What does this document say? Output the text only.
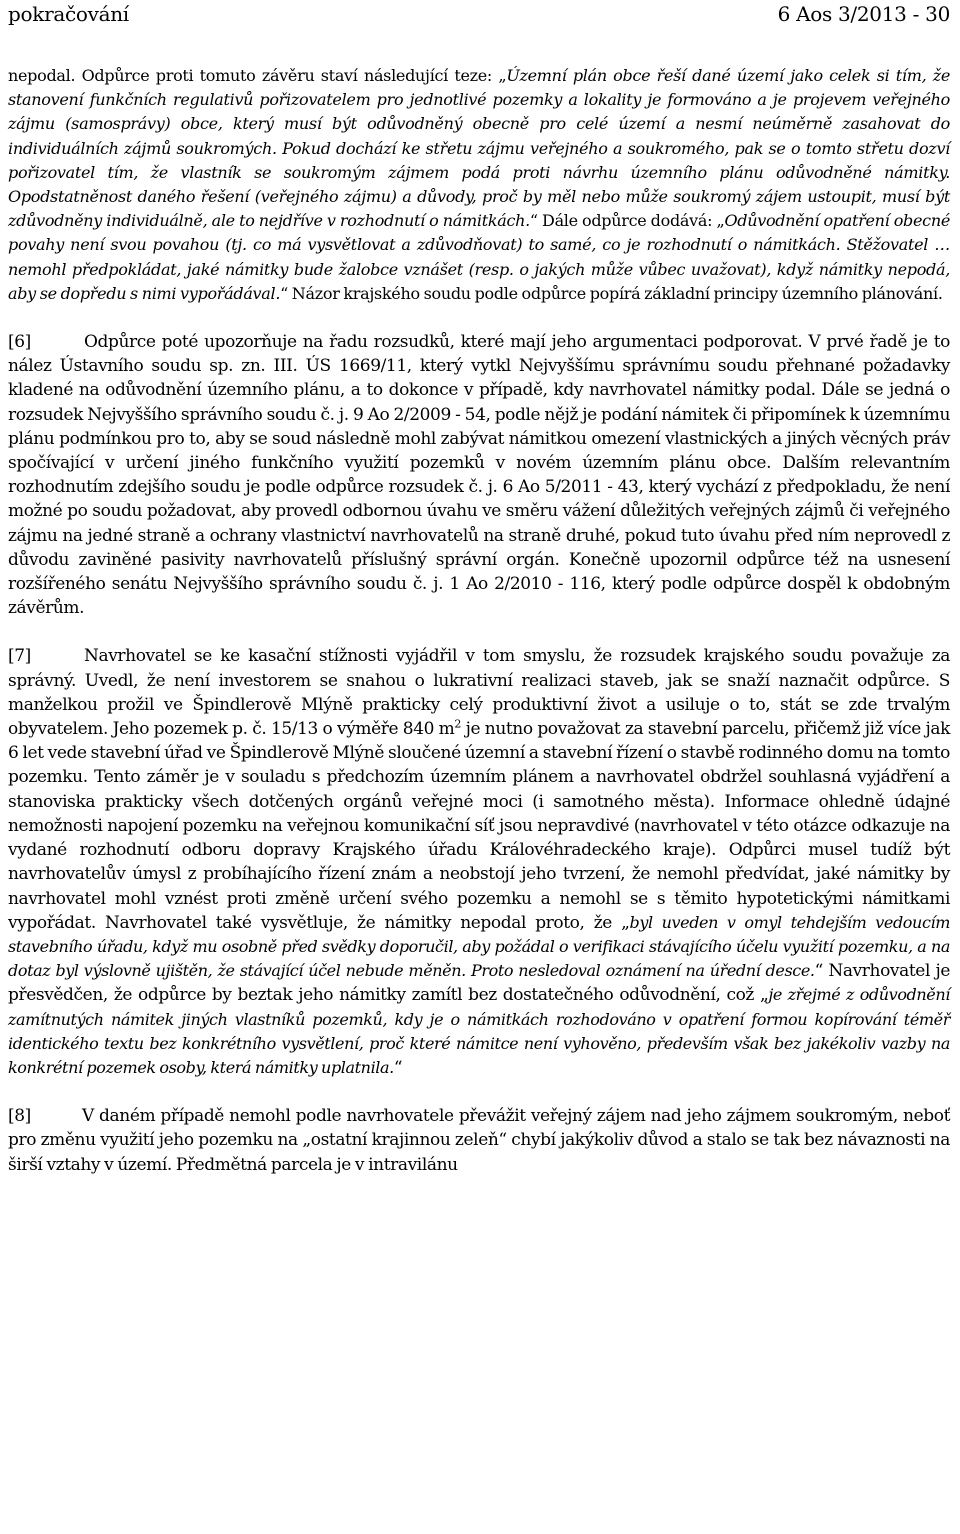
pokračování	6 Aos 3/2013 - 30

nepodal. Odpůrce proti tomuto závěru staví následující teze: „Územní plán obce řeší dané území jako celek si tím, že stanovení funkčních regulativů pořizovatelem pro jednotlivé pozemky a lokality je formováno a je projevem veřejného zájmu (samosprávy) obce, který musí být odůvodněný obecně pro celé území a nesmí neúměrně zasahovat do individuálních zájmů soukromých. Pokud dochází ke střetu zájmu veřejného a soukromého, pak se o tomto střetu dozví pořizovatel tím, že vlastník se soukromým zájmem podá proti návrhu územního plánu odůvodněné námitky. Opodstatněnost daného řešení (veřejného zájmu) a důvody, proč by měl nebo může soukromý zájem ustoupit, musí být zdůvodněny individuálně, ale to nejdříve v rozhodnutí o námitkách.“ Dále odpůrce dodává: „Odůvodnění opatření obecné povahy není svou povahou (tj. co má vysvětlovat a zdůvodňovat) to samé, co je rozhodnutí o námitkách. Stěžovatel … nemohl předpokládat, jaké námitky bude žalobce vznášet (resp. o jakých může vůbec uvažovat), když námitky nepodá, aby se dopředu s nimi vypořádával.“ Názor krajského soudu podle odpůrce popírá základní principy územního plánování.

[6]	Odpůrce poté upozorňuje na řadu rozsudků, které mají jeho argumentaci podporovat. V prvé řadě je to nález Ústavního soudu sp. zn. III. ÚS 1669/11, který vytkl Nejvyššímu správnímu soudu přehnané požadavky kladené na odůvodnění územního plánu, a to dokonce v případě, kdy navrhovatel námitky podal. Dále se jedná o rozsudek Nejvyššího správního soudu č. j. 9 Ao 2/2009 - 54, podle nějž je podání námitek či připomínek k územnímu plánu podmínkou pro to, aby se soud následně mohl zabývat námitkou omezení vlastnických a jiných věcných práv spočívající v určení jiného funkčního využití pozemků v novém územním plánu obce. Dalším relevantním rozhodnutím zdejšího soudu je podle odpůrce rozsudek č. j. 6 Ao 5/2011 - 43, který vychází z předpokladu, že není možné po soudu požadovat, aby provedl odbornou úvahu ve směru vážení důležitých veřejných zájmů či veřejného zájmu na jedné straně a ochrany vlastnictví navrhovatelů na straně druhé, pokud tuto úvahu před ním neprovedl z důvodu zaviněné pasivity navrhovatelů příslušný správní orgán. Konečně upozornil odpůrce též na usnesení rozšířeného senátu Nejvyššího správního soudu č. j. 1 Ao 2/2010 - 116, který podle odpůrce dospěl k obdobným závěrům.

[7]	Navrhovatel se ke kasační stížnosti vyjádřil v tom smyslu, že rozsudek krajského soudu považuje za správný. Uvedl, že není investorem se snahou o lukrativní realizaci staveb, jak se snaží naznačit odpůrce. S manželkou prožil ve Špindlerově Mlýně prakticky celý produktivní život a usiluje o to, stát se zde trvalým obyvatelem. Jeho pozemek p. č. 15/13 o výměře 840 $m^2$ je nutno považovat za stavební parcelu, přičemž již více jak 6 let vede stavební úřad ve Špindlerově Mlýně sloučené územní a stavební řízení o stavbě rodinného domu na tomto pozemku. Tento záměr je v souladu s předchozím územním plánem a navrhovatel obdržel souhlasná vyjádření a stanoviska prakticky všech dotčených orgánů veřejné moci (i samotného města). Informace ohledně údajné nemožnosti napojení pozemku na veřejnou komunikační síť jsou nepravdivé (navrhovatel v této otázce odkazuje na vydané rozhodnutí odboru dopravy Krajského úřadu Královéhradeckého kraje). Odpůrci musel tudíž být navrhovatelův úmysl z probíhajícího řízení znám a neobstojí jeho tvrzení, že nemohl předvídat, jaké námitky by navrhovatel mohl vznést proti změně určení svého pozemku a nemohl se s těmito hypotetickými námitkami vypořádat. Navrhovatel také vysvětluje, že námitky nepodal proto, že „byl uveden v omyl tehdejším vedoucím stavebního úřadu, když mu osobně před svědky doporučil, aby požádal o verifikaci stávajícího účelu využití pozemku, a na dotaz byl výslovně ujištěn, že stávající účel nebude měněn. Proto nesledoval oznámení na úřední desce.“ Navrhovatel je přesvědčen, že odpůrce by beztak jeho námitky zamítl bez dostatečného odůvodnění, což „je zřejmé z odůvodnění zamítnutých námitek jiných vlastníků pozemků, kdy je o námitkách rozhodováno v opatření formou kopírování téměř identického textu bez konkrétního vysvětlení, proč které námitce není vyhověno, především však bez jakékoliv vazby na konkrétní pozemek osoby, která námitky uplatnila.“

[8]	V daném případě nemohl podle navrhovatele převážit veřejný zájem nad jeho zájmem soukromým, neboť pro změnu využití jeho pozemku na „ostatní krajinnou zeleň“ chybí jakýkoliv důvod a stalo se tak bez návaznosti na širší vztahy v území. Předmětná parcela je v intravilánu
